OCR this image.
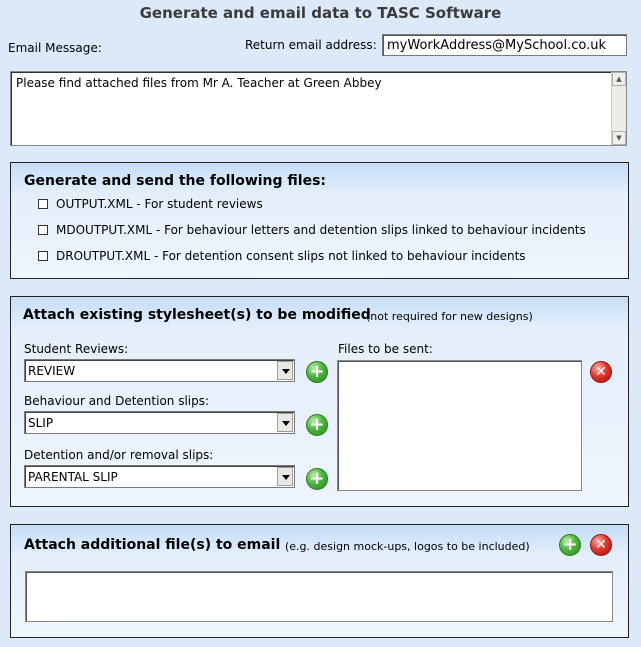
Generate and email data to TASC Software
Email Message:	Return email address: myWorkAddress@MySchool.co.uk
Please find attached files from Mr A. Teacher at Green Abbey	▲
▼
Generate and send the following files:
OUTPUT.XML - For student reviews
MDOUTPUT.XML - For behaviour letters and detention slips linked to behaviour incidents
DROUTPUT.XML - For detention consent slips not linked to behaviour incidents
Attach existing stylesheet(s) to be modified
(not required for new designs)
Student Reviews:
REVIEW	+
Behaviour and Detention slips:
SLIP	+
Detention and/or removal slips:
PARENTAL SLIP	+
Files to be sent:
✕
Attach additional file(s) to email (e.g. design mock-ups, logos to be included) +	✕
